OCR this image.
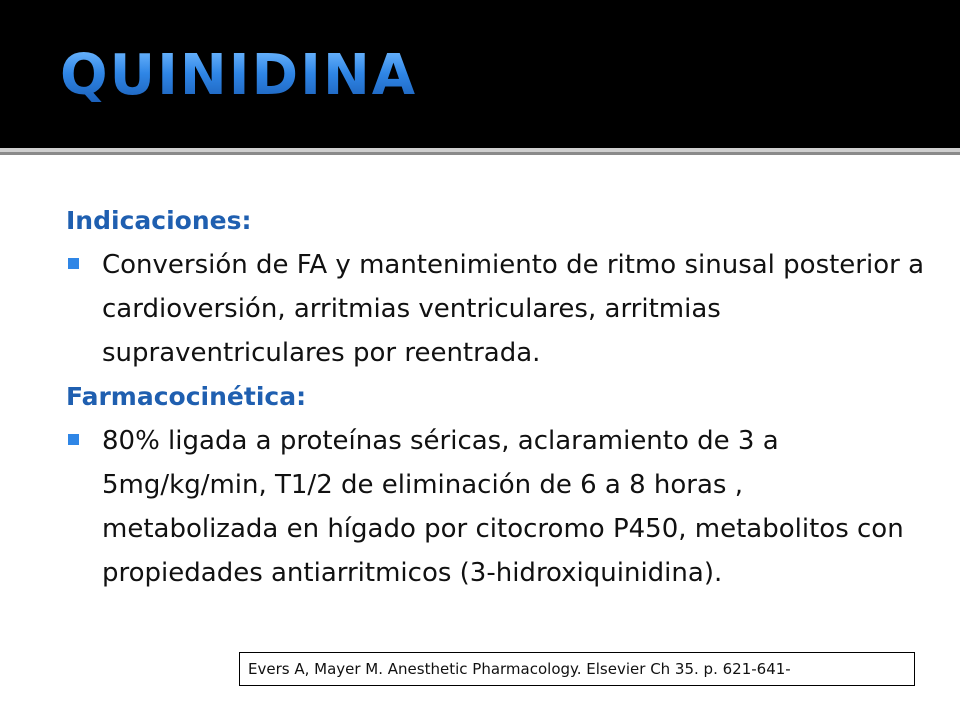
QUINIDINA

Indicaciones:

Conversión de FA y mantenimiento de ritmo sinusal posterior a cardioversión, arritmias ventriculares, arritmias supraventriculares por reentrada.

Farmacocinética:

80% ligada a proteínas séricas, aclaramiento de 3 a 5mg/kg/min, T1/2 de eliminación de 6 a 8 horas , metabolizada en hígado por citocromo P450, metabolitos con propiedades antiarritmicos (3-hidroxiquinidina).

Evers A, Mayer M. Anesthetic Pharmacology. Elsevier Ch 35. p. 621-641-
